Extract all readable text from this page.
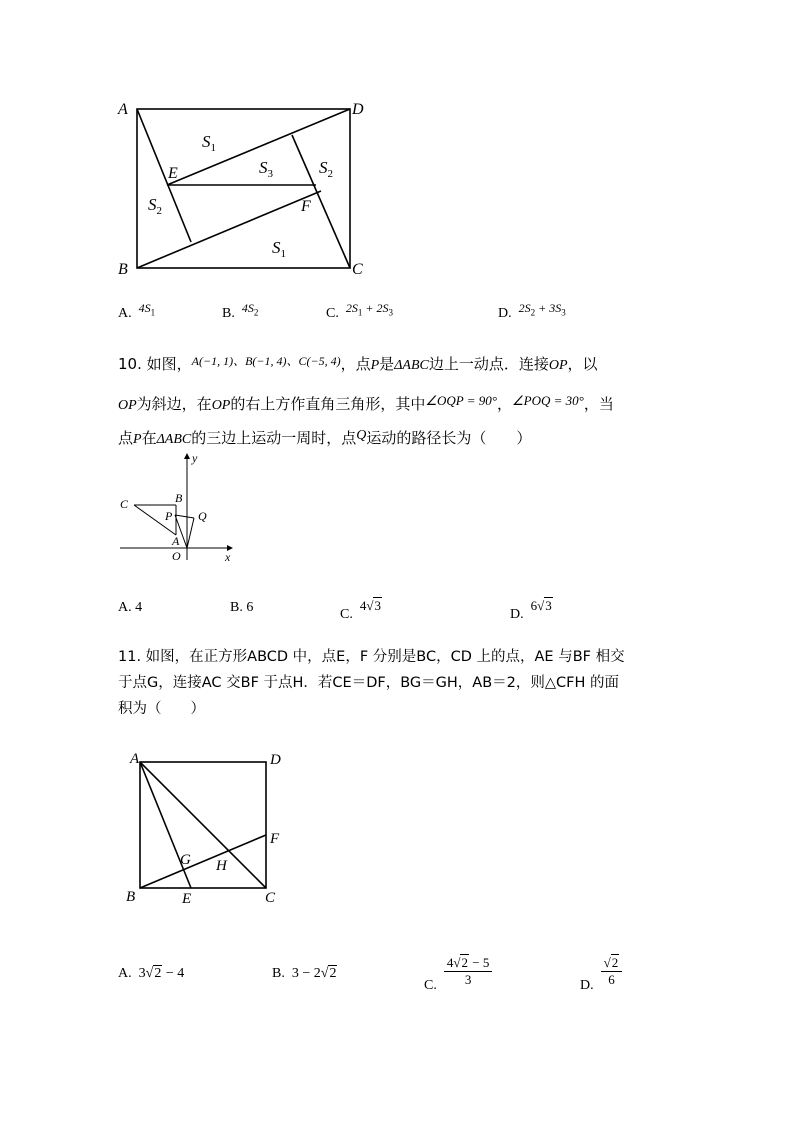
A	D
B	C
E
F
$S_1$
$S_3$	$S_2$
$S_2$
$S_1$
A. $4S_1$	B. $4S_2$	C. $2S_1 + 2S_3$	D. $2S_2 + 3S_3$
10. 如图，$^{A(-1, 1)、B(-1, 4)、C(-5, 4)}$，点P是ΔABC边上一动点．连接OP，以
OP为斜边，在OP的右上方作直角三角形，其中∠OQP = 90°，∠POQ = 30°，当
点P在ΔABC的三边上运动一周时，点Q运动的路径长为（　　）
y
x
C	B
P Q
A
O
A. 4	B. 6	C.  4√3
D.  6√3
11. 如图，在正方形ABCD 中，点E，F 分别是BC，CD 上的点，AE 与BF 相交
于点G，连接AC 交BF 于点H．若CE＝DF，BG＝GH，AB＝2，则△CFH 的面
积为（　　）
A	D
B	C
E
F
G H
A. 3√2 − 4	B. 3 − 2√2
C. $\frac{4√2 - 5}{3}$	D. $\frac{√2}{6}$
